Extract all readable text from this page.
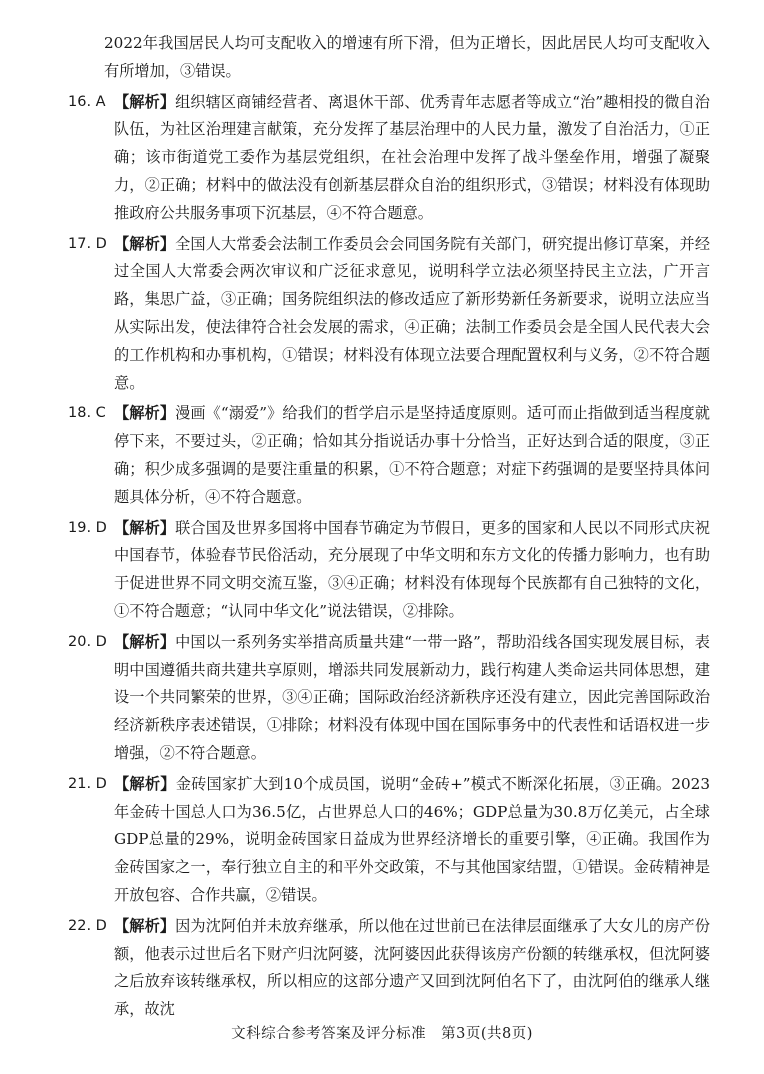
2022年我国居民人均可支配收入的增速有所下滑，但为正增长，因此居民人均可支配收入有所增加，③错误。

16. A 【解析】组织辖区商铺经营者、离退休干部、优秀青年志愿者等成立“治”趣相投的微自治队伍，为社区治理建言献策，充分发挥了基层治理中的人民力量，激发了自治活力，①正确；该市街道党工委作为基层党组织，在社会治理中发挥了战斗堡垒作用，增强了凝聚力，②正确；材料中的做法没有创新基层群众自治的组织形式，③错误；材料没有体现助推政府公共服务事项下沉基层，④不符合题意。

17. D 【解析】全国人大常委会法制工作委员会会同国务院有关部门，研究提出修订草案，并经过全国人大常委会两次审议和广泛征求意见，说明科学立法必须坚持民主立法，广开言路，集思广益，③正确；国务院组织法的修改适应了新形势新任务新要求，说明立法应当从实际出发，使法律符合社会发展的需求，④正确；法制工作委员会是全国人民代表大会的工作机构和办事机构，①错误；材料没有体现立法要合理配置权利与义务，②不符合题意。

18. C 【解析】漫画《“溺爱”》给我们的哲学启示是坚持适度原则。适可而止指做到适当程度就停下来，不要过头，②正确；恰如其分指说话办事十分恰当，正好达到合适的限度，③正确；积少成多强调的是要注重量的积累，①不符合题意；对症下药强调的是要坚持具体问题具体分析，④不符合题意。

19. D 【解析】联合国及世界多国将中国春节确定为节假日，更多的国家和人民以不同形式庆祝中国春节，体验春节民俗活动，充分展现了中华文明和东方文化的传播力影响力，也有助于促进世界不同文明交流互鉴，③④正确；材料没有体现每个民族都有自己独特的文化，①不符合题意；“认同中华文化”说法错误，②排除。

20. D 【解析】中国以一系列务实举措高质量共建“一带一路”，帮助沿线各国实现发展目标，表明中国遵循共商共建共享原则，增添共同发展新动力，践行构建人类命运共同体思想，建设一个共同繁荣的世界，③④正确；国际政治经济新秩序还没有建立，因此完善国际政治经济新秩序表述错误，①排除；材料没有体现中国在国际事务中的代表性和话语权进一步增强，②不符合题意。

21. D 【解析】金砖国家扩大到10个成员国，说明“金砖+”模式不断深化拓展，③正确。2023年金砖十国总人口为36.5亿，占世界总人口的46%；GDP总量为30.8万亿美元，占全球GDP总量的29%，说明金砖国家日益成为世界经济增长的重要引擎，④正确。我国作为金砖国家之一，奉行独立自主的和平外交政策，不与其他国家结盟，①错误。金砖精神是开放包容、合作共赢，②错误。

22. D 【解析】因为沈阿伯并未放弃继承，所以他在过世前已在法律层面继承了大女儿的房产份额，他表示过世后名下财产归沈阿婆，沈阿婆因此获得该房产份额的转继承权，但沈阿婆之后放弃该转继承权，所以相应的这部分遗产又回到沈阿伯名下了，由沈阿伯的继承人继承，故沈

文科综合参考答案及评分标准　第3页(共8页)
